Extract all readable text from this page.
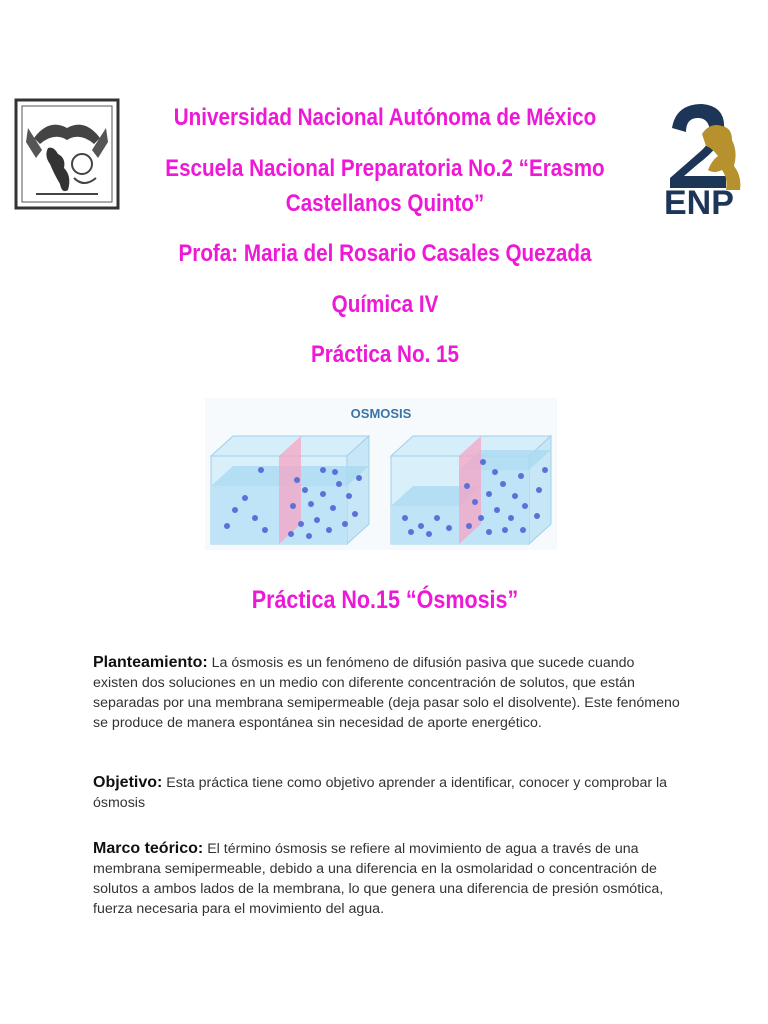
ENP
Universidad Nacional Autónoma de México
Escuela Nacional Preparatoria No.2 “Erasmo
Castellanos Quinto”
Profa: Maria del Rosario Casales Quezada
Química IV
Práctica No. 15
OSMOSIS
Práctica No.15 “Ósmosis”
Planteamiento: La ósmosis es un fenómeno de difusión pasiva que sucede cuando existen dos soluciones en un medio con diferente concentración de solutos, que están separadas por una membrana semipermeable (deja pasar solo el disolvente). Este fenómeno se produce de manera espontánea sin necesidad de aporte energético.
Objetivo: Esta práctica tiene como objetivo aprender a identificar, conocer y comprobar la ósmosis
Marco teórico: El término ósmosis se refiere al movimiento de agua a través de una membrana semipermeable, debido a una diferencia en la osmolaridad o concentración de solutos a ambos lados de la membrana, lo que genera una diferencia de presión osmótica, fuerza necesaria para el movimiento del agua.
